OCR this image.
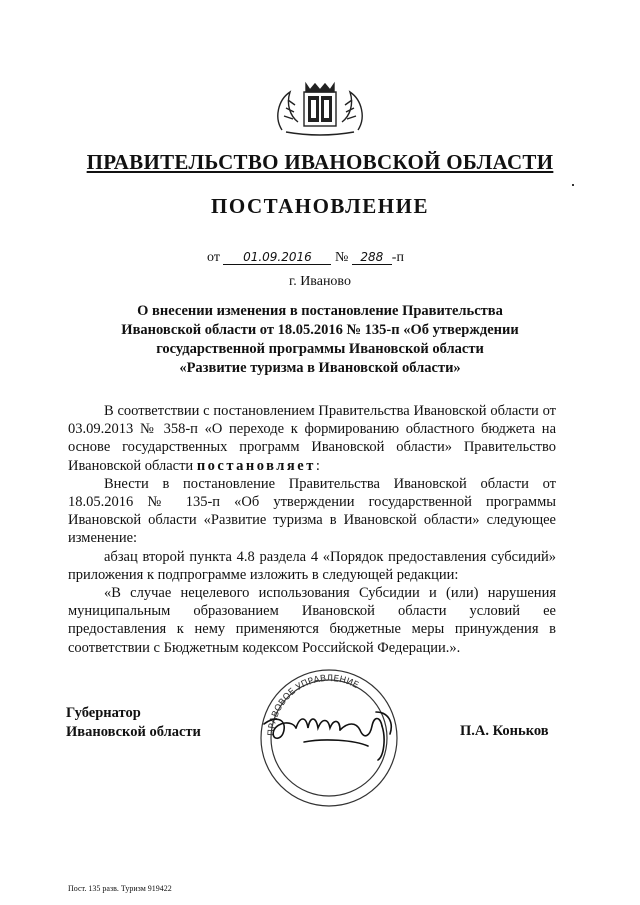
ПРАВИТЕЛЬСТВО ИВАНОВСКОЙ ОБЛАСТИ
ПОСТАНОВЛЕНИЕ
от 01.09.2016 № 288 -п
г. Иваново
О внесении изменения в постановление Правительства
Ивановской области от 18.05.2016 № 135-п «Об утверждении
государственной программы Ивановской области
«Развитие туризма в Ивановской области»

В соответствии с постановлением Правительства Ивановской области от 03.09.2013 № 358-п «О переходе к формированию областного бюджета на основе государственных программ Ивановской области» Правительство Ивановской области постановляет:

Внести в постановление Правительства Ивановской области от 18.05.2016 № 135-п «Об утверждении государственной программы Ивановской области «Развитие туризма в Ивановской области» следующее изменение:

абзац второй пункта 4.8 раздела 4 «Порядок предоставления субсидий» приложения к подпрограмме изложить в следующей редакции:

«В случае нецелевого использования Субсидии и (или) нарушения муниципальным образованием Ивановской области условий ее предоставления к нему применяются бюджетные меры принуждения в соответствии с Бюджетным кодексом Российской Федерации.».

ПРАВОВОЕ УПРАВЛЕНИЕ
Губернатор
Ивановской области	П.А. Коньков
Пост. 135 разв. Туризм 919422
